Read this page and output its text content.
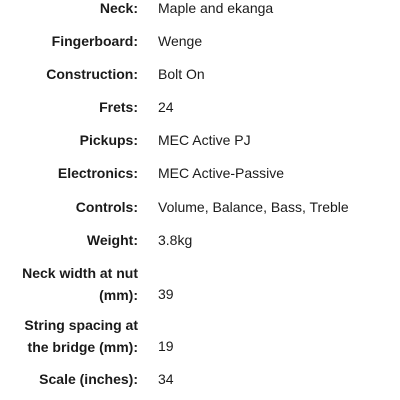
Neck: Maple and ekanga
Fingerboard: Wenge
Construction: Bolt On
Frets: 24
Pickups: MEC Active PJ
Electronics: MEC Active-Passive
Controls: Volume, Balance, Bass, Treble
Weight: 3.8kg
Neck width at nut
(mm): 39
String spacing at
the bridge (mm): 19
Scale (inches): 34
